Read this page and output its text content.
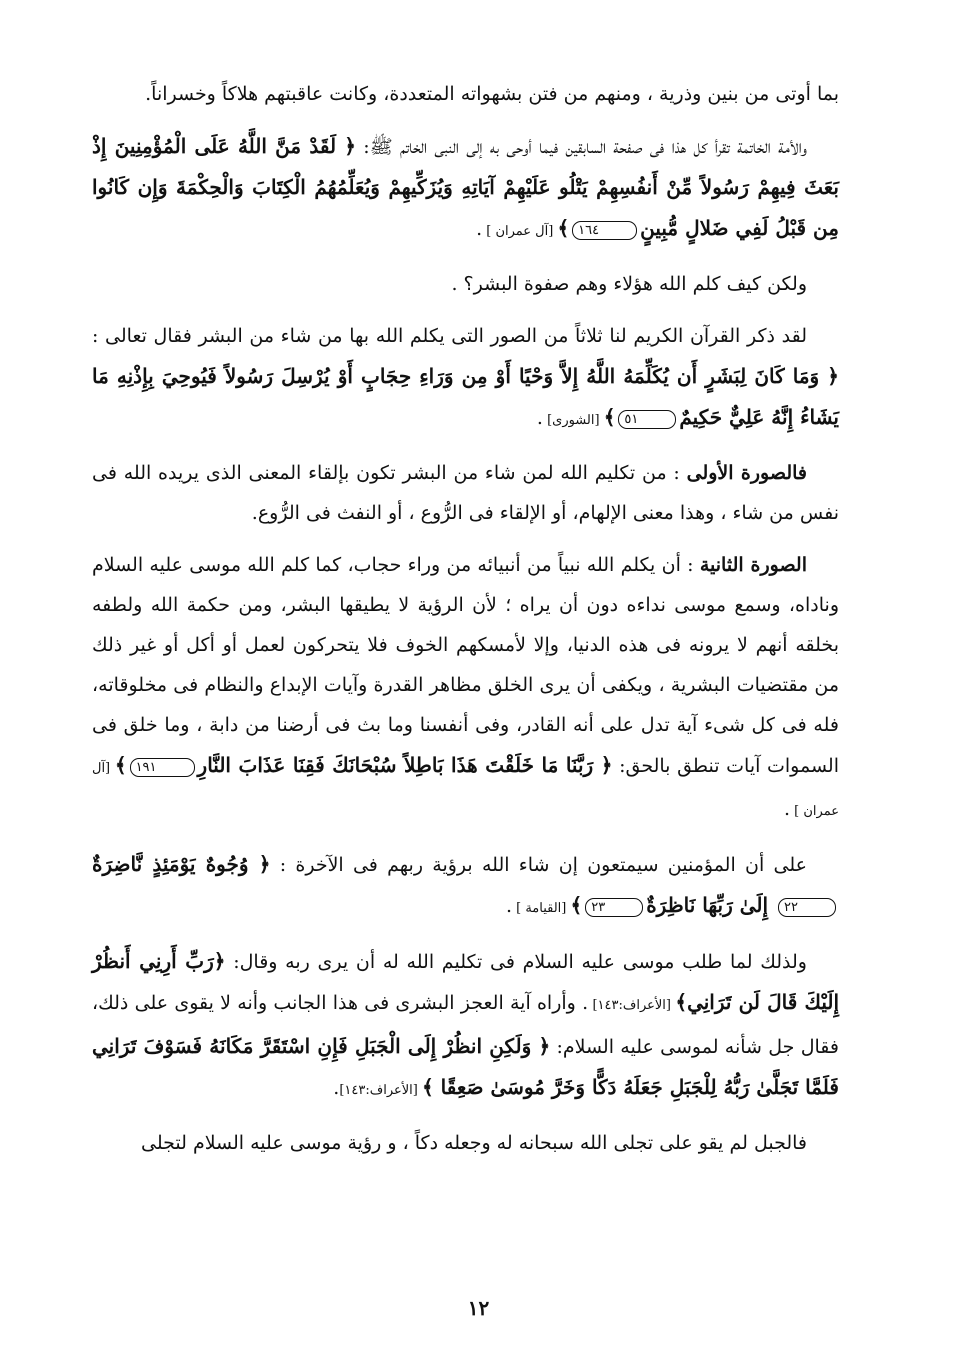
بما أوتى من بنين وذرية ، ومنهم من فتن بشهواته المتعددة، وكانت عاقبتهم هلاكاً وخسراناً.

والأمة الخاتمة تقرأ كل هذا فى صفحة السابقين فيما أوحى به إلى النبى الخاتم ﷺ: ﴿ لَقَدْ مَنَّ اللَّهُ عَلَى الْمُؤْمِنِينَ إِذْ بَعَثَ فِيهِمْ رَسُولاً مِّنْ أَنفُسِهِمْ يَتْلُو عَلَيْهِمْ آيَاتِهِ وَيُزَكِّيهِمْ وَيُعَلِّمُهُمُ الْكِتَابَ وَالْحِكْمَةَ وَإِن كَانُوا مِن قَبْلُ لَفِي ضَلالٍ مُّبِينٍ١٦٤﴾ [آل عمران ] .

ولكن كيف كلم الله هؤلاء وهم صفوة البشر؟ .

لقد ذكر القرآن الكريم لنا ثلاثاً من الصور التى يكلم الله بها من شاء من البشر فقال تعالى : ﴿ وَمَا كَانَ لِبَشَرٍ أَن يُكَلِّمَهُ اللَّهُ إِلاَّ وَحْيًا أَوْ مِن وَرَاءِ حِجَابٍ أَوْ يُرْسِلَ رَسُولاً فَيُوحِيَ بِإِذْنِهِ مَا يَشَاءُ إِنَّهُ عَلِيٌّ حَكِيمٌ٥١﴾ [الشورى] .

فالصورة الأولى : من تكليم الله لمن شاء من البشر تكون بإلقاء المعنى الذى يريده الله فى نفس من شاء ، وهذا معنى الإلهام، أو الإلقاء فى الرُّوع ، أو النفث فى الرُّوع.

الصورة الثانية : أن يكلم الله نبياً من أنبيائه من وراء حجاب، كما كلم الله موسى عليه السلام وناداه، وسمع موسى نداءه دون أن يراه ؛ لأن الرؤية لا يطيقها البشر، ومن حكمة الله ولطفه بخلقه أنهم لا يرونه فى هذه الدنيا، وإلا لأمسكهم الخوف فلا يتحركون لعمل أو أكل أو غير ذلك من مقتضيات البشرية ، ويكفى أن يرى الخلق مظاهر القدرة وآيات الإبداع والنظام فى مخلوقاته، فله فى كل شىء آية تدل على أنه القادر، وفى أنفسنا وما بث فى أرضنا من دابة ، وما خلق فى السموات آيات تنطق بالحق: ﴿ رَبَّنَا مَا خَلَقْتَ هَذَا بَاطِلاً سُبْحَانَكَ فَقِنَا عَذَابَ النَّارِ١٩١﴾ [آل عمران ] .

على أن المؤمنين سيمتعون إن شاء الله برؤية ربهم فى الآخرة : ﴿ وُجُوهٌ يَوْمَئِذٍ نَّاضِرَةٌ٢٢ إِلَىٰ رَبِّهَا نَاظِرَةٌ٢٣﴾ [القيامة ] .

ولذلك لما طلب موسى عليه السلام فى تكليم الله له أن يرى ربه وقال: ﴿رَبِّ أَرِنِي أَنظُرْ إِلَيْكَ قَالَ لَن تَرَانِي﴾ [الأعراف:١٤٣] . وأراه آية العجز البشرى فى هذا الجانب وأنه لا يقوى على ذلك، فقال جل شأنه لموسى عليه السلام: ﴿ وَلَكِنِ انظُرْ إِلَى الْجَبَلِ فَإِنِ اسْتَقَرَّ مَكَانَهُ فَسَوْفَ تَرَانِي فَلَمَّا تَجَلَّىٰ رَبُّهُ لِلْجَبَلِ جَعَلَهُ دَكًّا وَخَرَّ مُوسَىٰ صَعِقًا ﴾ [الأعراف:١٤٣].

فالجبل لم يقو على تجلى الله سبحانه له وجعله دكاً ، و رؤية موسى عليه السلام لتجلى

١٢
